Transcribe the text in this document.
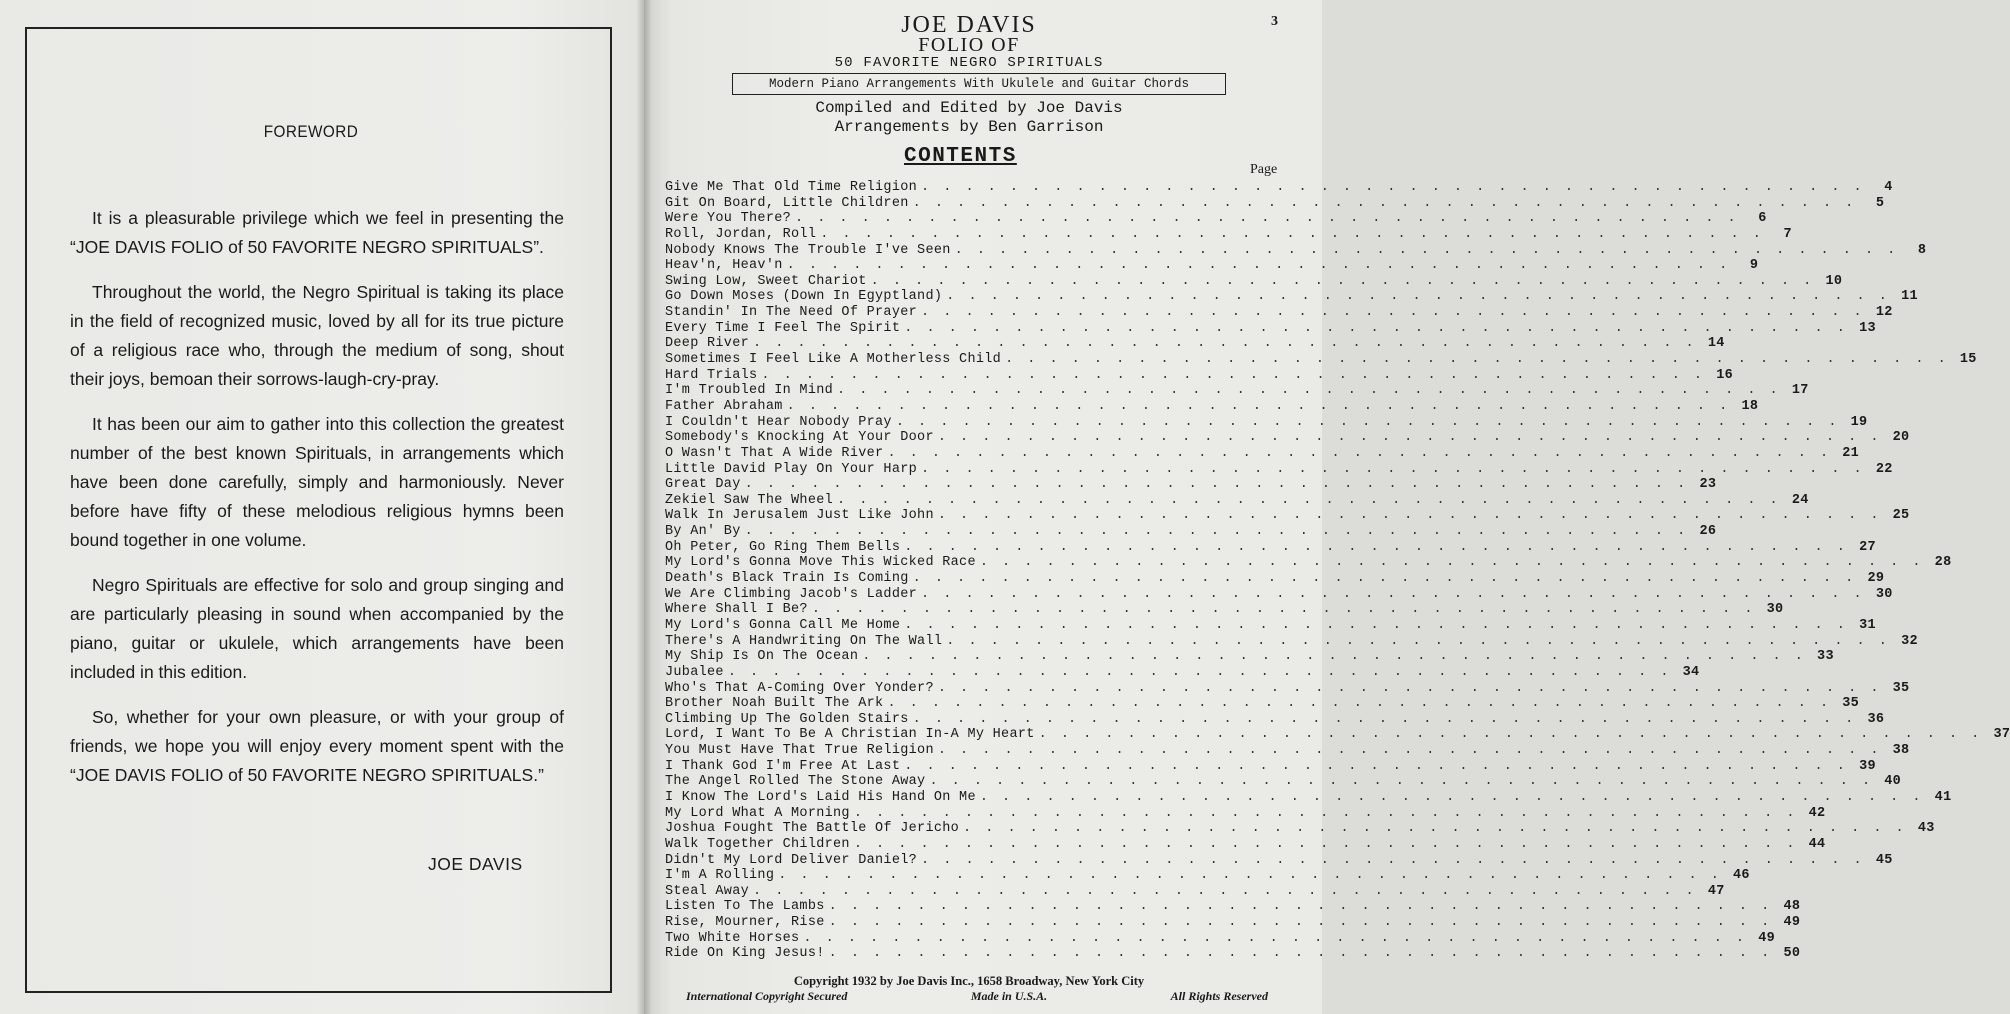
FOREWORD

It is a pleasurable privilege which we feel in presenting the “JOE DAVIS FOLIO of 50 FAVORITE NEGRO SPIRITUALS”.

Throughout the world, the Negro Spiritual is taking its place in the field of recognized music, loved by all for its true picture of a religious race who, through the medium of song, shout their joys, bemoan their sorrows-laugh-cry-pray.

It has been our aim to gather into this collection the greatest number of the best known Spirituals, in arrangements which have been done carefully, simply and harmoniously. Never before have fifty of these melodious religious hymns been bound together in one volume.

Negro Spirituals are effective for solo and group singing and are particularly pleasing in sound when accompanied by the piano, guitar or ukulele, which arrangements have been included in this edition.

So, whether for your own pleasure, or with your group of friends, we hope you will enjoy every moment spent with the “JOE DAVIS FOLIO of 50 FAVORITE NEGRO SPIRITUALS.”

JOE DAVIS
3
JOE DAVIS
FOLIO OF
50 FAVORITE NEGRO SPIRITUALS
Modern Piano Arrangements With Ukulele and Guitar Chords
Compiled and Edited by Joe Davis
Arrangements by Ben Garrison
CONTENTS
Page
Give Me That Old Time Religion . . . . . . . . . . . . . . . . . . . . . . . . . . . . . . . . . . . . . . . . . . .	4
Git On Board, Little Children . . . . . . . . . . . . . . . . . . . . . . . . . . . . . . . . . . . . . . . . . . .	5
Were You There? . . . . . . . . . . . . . . . . . . . . . . . . . . . . . . . . . . . . . . . . . . .	6
Roll, Jordan, Roll . . . . . . . . . . . . . . . . . . . . . . . . . . . . . . . . . . . . . . . . . . .	7
Nobody Knows The Trouble I've Seen . . . . . . . . . . . . . . . . . . . . . . . . . . . . . . . . . . . . . . . . . . .	8
Heav'n, Heav'n . . . . . . . . . . . . . . . . . . . . . . . . . . . . . . . . . . . . . . . . . . .	9
Swing Low, Sweet Chariot . . . . . . . . . . . . . . . . . . . . . . . . . . . . . . . . . . . . . . . . . . . 10
Go Down Moses (Down In Egyptland) . . . . . . . . . . . . . . . . . . . . . . . . . . . . . . . . . . . . . . . . . . . 11
Standin' In The Need Of Prayer . . . . . . . . . . . . . . . . . . . . . . . . . . . . . . . . . . . . . . . . . . . 12
Every Time I Feel The Spirit . . . . . . . . . . . . . . . . . . . . . . . . . . . . . . . . . . . . . . . . . . . 13
Deep River . . . . . . . . . . . . . . . . . . . . . . . . . . . . . . . . . . . . . . . . . . . 14
Sometimes I Feel Like A Motherless Child . . . . . . . . . . . . . . . . . . . . . . . . . . . . . . . . . . . . . . . . . . . 15
Hard Trials . . . . . . . . . . . . . . . . . . . . . . . . . . . . . . . . . . . . . . . . . . . 16
I'm Troubled In Mind . . . . . . . . . . . . . . . . . . . . . . . . . . . . . . . . . . . . . . . . . . . 17
Father Abraham . . . . . . . . . . . . . . . . . . . . . . . . . . . . . . . . . . . . . . . . . . . 18
I Couldn't Hear Nobody Pray . . . . . . . . . . . . . . . . . . . . . . . . . . . . . . . . . . . . . . . . . . . 19
Somebody's Knocking At Your Door . . . . . . . . . . . . . . . . . . . . . . . . . . . . . . . . . . . . . . . . . . . 20
O Wasn't That A Wide River . . . . . . . . . . . . . . . . . . . . . . . . . . . . . . . . . . . . . . . . . . . 21
Little David Play On Your Harp . . . . . . . . . . . . . . . . . . . . . . . . . . . . . . . . . . . . . . . . . . . 22
Great Day . . . . . . . . . . . . . . . . . . . . . . . . . . . . . . . . . . . . . . . . . . . 23
Zekiel Saw The Wheel . . . . . . . . . . . . . . . . . . . . . . . . . . . . . . . . . . . . . . . . . . . 24
Walk In Jerusalem Just Like John . . . . . . . . . . . . . . . . . . . . . . . . . . . . . . . . . . . . . . . . . . . 25
By An' By . . . . . . . . . . . . . . . . . . . . . . . . . . . . . . . . . . . . . . . . . . . 26
Oh Peter, Go Ring Them Bells . . . . . . . . . . . . . . . . . . . . . . . . . . . . . . . . . . . . . . . . . . . 27
My Lord's Gonna Move This Wicked Race . . . . . . . . . . . . . . . . . . . . . . . . . . . . . . . . . . . . . . . . . . . 28
Death's Black Train Is Coming . . . . . . . . . . . . . . . . . . . . . . . . . . . . . . . . . . . . . . . . . . . 29
We Are Climbing Jacob's Ladder . . . . . . . . . . . . . . . . . . . . . . . . . . . . . . . . . . . . . . . . . . . 30
Where Shall I Be? . . . . . . . . . . . . . . . . . . . . . . . . . . . . . . . . . . . . . . . . . . . 30
My Lord's Gonna Call Me Home . . . . . . . . . . . . . . . . . . . . . . . . . . . . . . . . . . . . . . . . . . . 31
There's A Handwriting On The Wall . . . . . . . . . . . . . . . . . . . . . . . . . . . . . . . . . . . . . . . . . . . 32
My Ship Is On The Ocean . . . . . . . . . . . . . . . . . . . . . . . . . . . . . . . . . . . . . . . . . . . 33
Jubalee . . . . . . . . . . . . . . . . . . . . . . . . . . . . . . . . . . . . . . . . . . . 34
Who's That A-Coming Over Yonder? . . . . . . . . . . . . . . . . . . . . . . . . . . . . . . . . . . . . . . . . . . . 35
Brother Noah Built The Ark . . . . . . . . . . . . . . . . . . . . . . . . . . . . . . . . . . . . . . . . . . . 35
Climbing Up The Golden Stairs . . . . . . . . . . . . . . . . . . . . . . . . . . . . . . . . . . . . . . . . . . . 36
Lord, I Want To Be A Christian In-A My Heart . . . . . . . . . . . . . . . . . . . . . . . . . . . . . . . . . . . . . . . . . . . 37
You Must Have That True Religion . . . . . . . . . . . . . . . . . . . . . . . . . . . . . . . . . . . . . . . . . . . 38
I Thank God I'm Free At Last . . . . . . . . . . . . . . . . . . . . . . . . . . . . . . . . . . . . . . . . . . . 39
The Angel Rolled The Stone Away . . . . . . . . . . . . . . . . . . . . . . . . . . . . . . . . . . . . . . . . . . . 40
I Know The Lord's Laid His Hand On Me . . . . . . . . . . . . . . . . . . . . . . . . . . . . . . . . . . . . . . . . . . . 41
My Lord What A Morning . . . . . . . . . . . . . . . . . . . . . . . . . . . . . . . . . . . . . . . . . . . 42
Joshua Fought The Battle Of Jericho . . . . . . . . . . . . . . . . . . . . . . . . . . . . . . . . . . . . . . . . . . . 43
Walk Together Children . . . . . . . . . . . . . . . . . . . . . . . . . . . . . . . . . . . . . . . . . . . 44
Didn't My Lord Deliver Daniel? . . . . . . . . . . . . . . . . . . . . . . . . . . . . . . . . . . . . . . . . . . . 45
I'm A Rolling . . . . . . . . . . . . . . . . . . . . . . . . . . . . . . . . . . . . . . . . . . . 46
Steal Away . . . . . . . . . . . . . . . . . . . . . . . . . . . . . . . . . . . . . . . . . . . 47
Listen To The Lambs . . . . . . . . . . . . . . . . . . . . . . . . . . . . . . . . . . . . . . . . . . . 48
Rise, Mourner, Rise . . . . . . . . . . . . . . . . . . . . . . . . . . . . . . . . . . . . . . . . . . . 49
Two White Horses . . . . . . . . . . . . . . . . . . . . . . . . . . . . . . . . . . . . . . . . . . . 49
Ride On King Jesus! . . . . . . . . . . . . . . . . . . . . . . . . . . . . . . . . . . . . . . . . . . . 50
Copyright 1932 by Joe Davis Inc., 1658 Broadway, New York City
International Copyright Secured	Made in U.S.A.	All Rights Reserved
